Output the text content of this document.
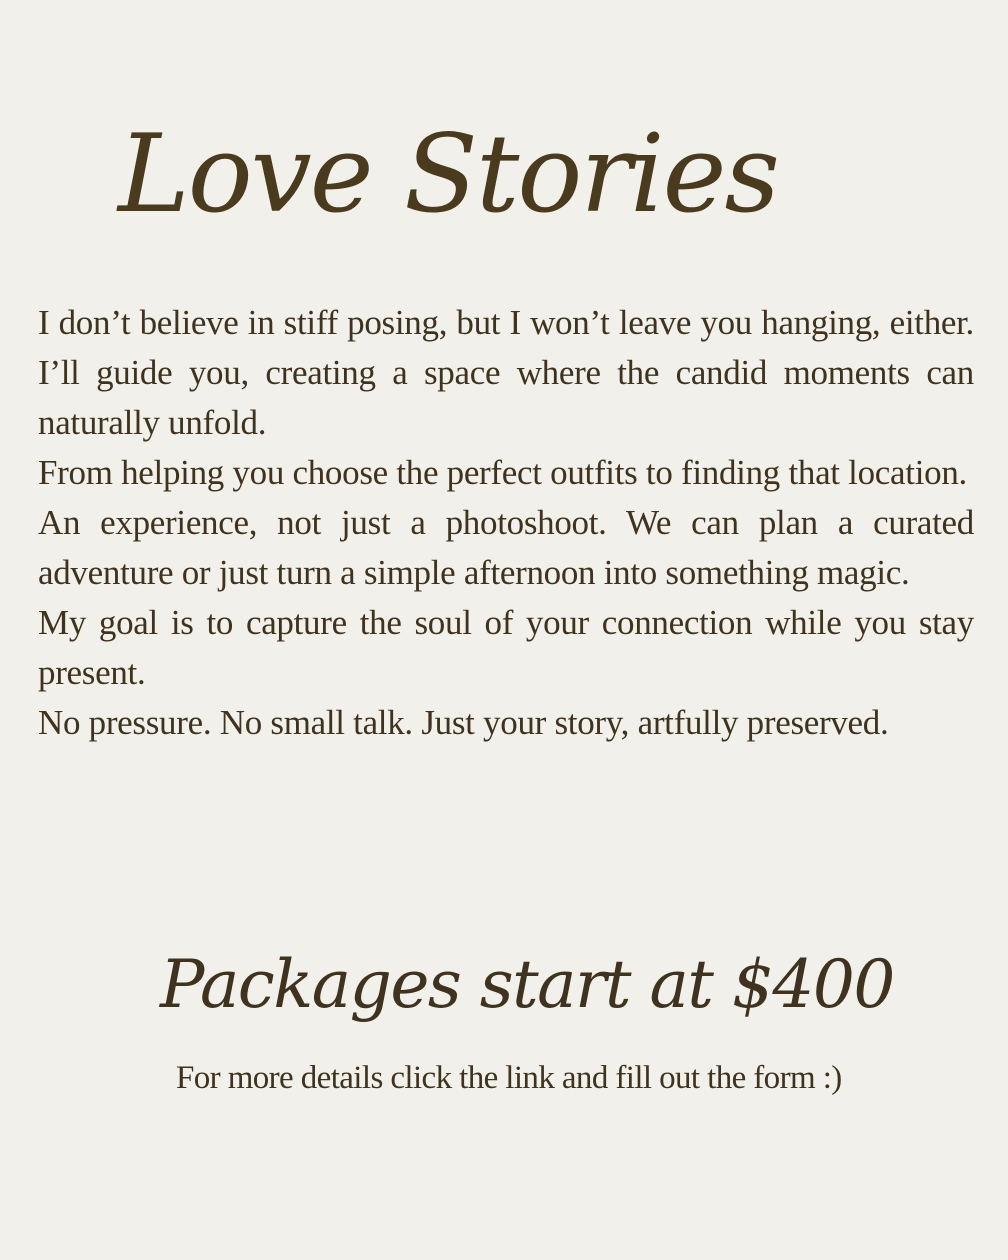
Love Stories

I don’t believe in stiff posing, but I won’t leave you hanging, either. I’ll guide you, creating a space where the candid moments can naturally unfold.

From helping you choose the perfect outfits to finding that location.

An experience, not just a photoshoot. We can plan a curated adventure or just turn a simple afternoon into something magic.

My goal is to capture the soul of your connection while you stay present.

No pressure. No small talk. Just your story, artfully preserved.

Packages start at $400

For more details click the link and fill out the form :)
